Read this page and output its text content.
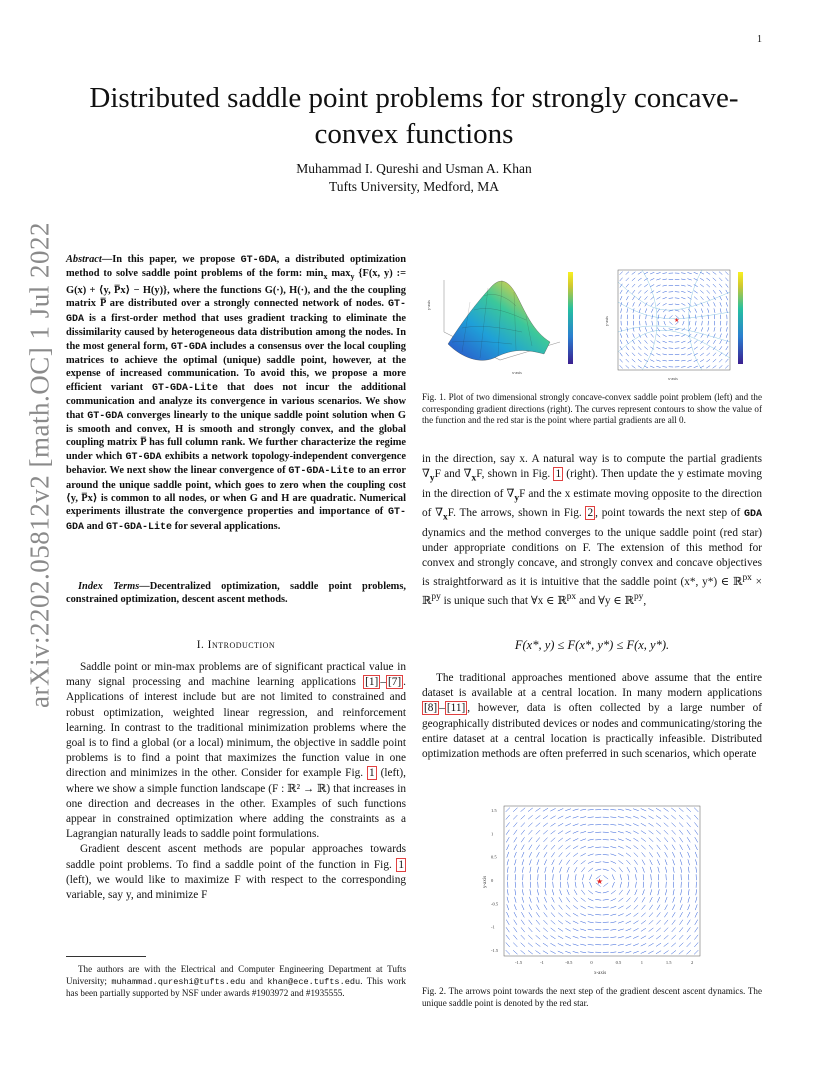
1
Distributed saddle point problems for strongly concave-convex functions
Muhammad I. Qureshi and Usman A. Khan
Tufts University, Medford, MA
arXiv:2202.05812v2 [math.OC] 1 Jul 2022 Abstract—In this paper, we propose GT-GDA, a distributed optimization method to solve saddle point problems of the form: $\min_x \max_y \{F(x$, y) := G(x) + ⟨y, P̅x⟩ − H(y)}, where the functions G(·), H(·), and the the coupling matrix P̅ are distributed over a strongly connected network of nodes. GT-GDA is a first-order method that uses gradient tracking to eliminate the dissimilarity caused by heterogeneous data distribution among the nodes. In the most general form, GT-GDA includes a consensus over the local coupling matrices to achieve the optimal (unique) saddle point, however, at the expense of increased communication. To avoid this, we propose a more efficient variant GT-GDA-Lite that does not incur the additional communication and analyze its convergence in various scenarios. We show that GT-GDA converges linearly to the unique saddle point solution when G is smooth and convex, H is smooth and strongly convex, and the global coupling matrix P̅ has full column rank. We further characterize the regime under which GT-GDA exhibits a network topology-independent convergence behavior. We next show the linear convergence of GT-GDA-Lite to an error around the unique saddle point, which goes to zero when the coupling cost ⟨y, P̅x⟩ is common to all nodes, or when G and H are quadratic. Numerical experiments illustrate the convergence properties and importance of GT-GDA and GT-GDA-Lite for several applications.
Index Terms—Decentralized optimization, saddle point problems, constrained optimization, descent ascent methods.
I. Introduction

Saddle point or min-max problems are of significant practical value in many signal processing and machine learning applications [1] – [7] . Applications of interest include but are not limited to constrained and robust optimization, weighted linear regression, and reinforcement learning. In contrast to the traditional minimization problems where the goal is to find a global (or a local) minimum, the objective in saddle point problems is to find a point that maximizes the function value in one direction and minimizes in the other. Consider for example Fig. 1 (left), where we show a simple function landscape (F : ℝ² → ℝ) that increases in one direction and decreases in the other. Examples of such functions appear in constrained optimization where adding the constraints as a Lagrangian naturally leads to saddle point formulations.

Gradient descent ascent methods are popular approaches towards saddle point problems. To find a saddle point of the function in Fig. 1 (left), we would like to maximize F with respect to the corresponding variable, say y, and minimize F

The authors are with the Electrical and Computer Engineering Department at Tufts University; muhammad.qureshi@tufts.edu and khan@ece.tufts.edu. This work has been partially supported by NSF under awards #1903972 and #1935555.

y-axis
x-axis
★
y-axis
x-axis
Fig. 1. Plot of two dimensional strongly concave-convex saddle point problem (left) and the corresponding gradient directions (right). The curves represent contours to show the value of the function and the red star is the point where partial gradients are all 0.

in the direction, say x. A natural way is to compute the partial gradients $\nabla_yF$ and $\nabla_xF$, shown in Fig. 1 (right). Then update the y estimate moving in the direction of $\nabla_yF$ and the x estimate moving opposite to the direction of $\nabla_xF$. The arrows, shown in Fig. 2 , point towards the next step of GDA dynamics and the method converges to the unique saddle point (red star) under appropriate conditions on F. The extension of this method for convex and strongly concave, and strongly convex and concave objectives is straightforward as it is intuitive that the saddle point (x*, y*) ∈ ℝ$^{px}$ × ℝ$^{py}$ is unique such that ∀x ∈ ℝ$^{px}$ and ∀y ∈ ℝ$^{py}$,

F(x*, y) ≤ F(x*, y*) ≤ F(x, y*).

The traditional approaches mentioned above assume that the entire dataset is available at a central location. In many modern applications [8] – [11] , however, data is often collected by a large number of geographically distributed devices or nodes and communicating/storing the entire dataset at a central location is practically infeasible. Distributed optimization methods are often preferred in such scenarios, which operate

★
-1.5	-1	-0.5	0	0.5	1	1.5	2
1.5
1
0.5
0
-0.5
-1
-1.5
x-axis
y-axis
Fig. 2. The arrows point towards the next step of the gradient descent ascent dynamics. The unique saddle point is denoted by the red star.
